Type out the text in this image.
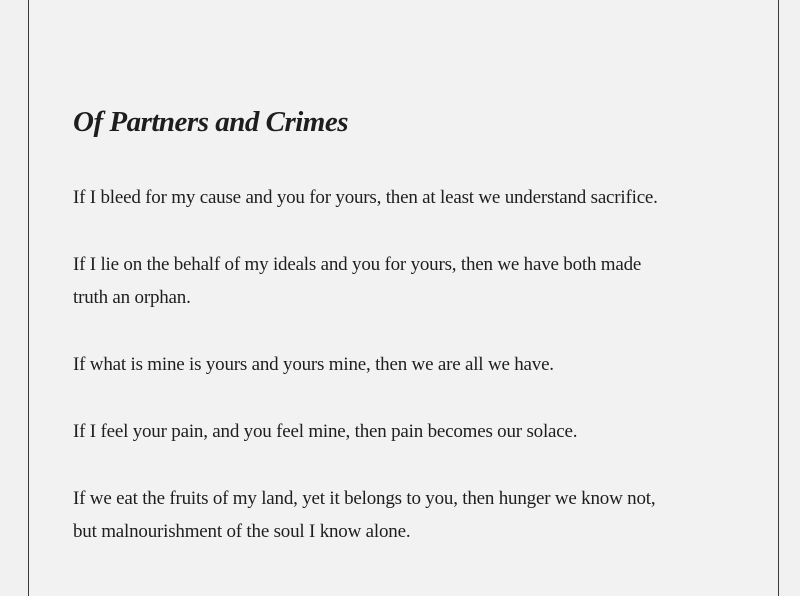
Of Partners and Crimes

If I bleed for my cause and you for yours, then at least we understand sacrifice.

If I lie on the behalf of my ideals and you for yours, then we have both made
truth an orphan.

If what is mine is yours and yours mine, then we are all we have.

If I feel your pain, and you feel mine, then pain becomes our solace.

If we eat the fruits of my land, yet it belongs to you, then hunger we know not,
but malnourishment of the soul I know alone.
